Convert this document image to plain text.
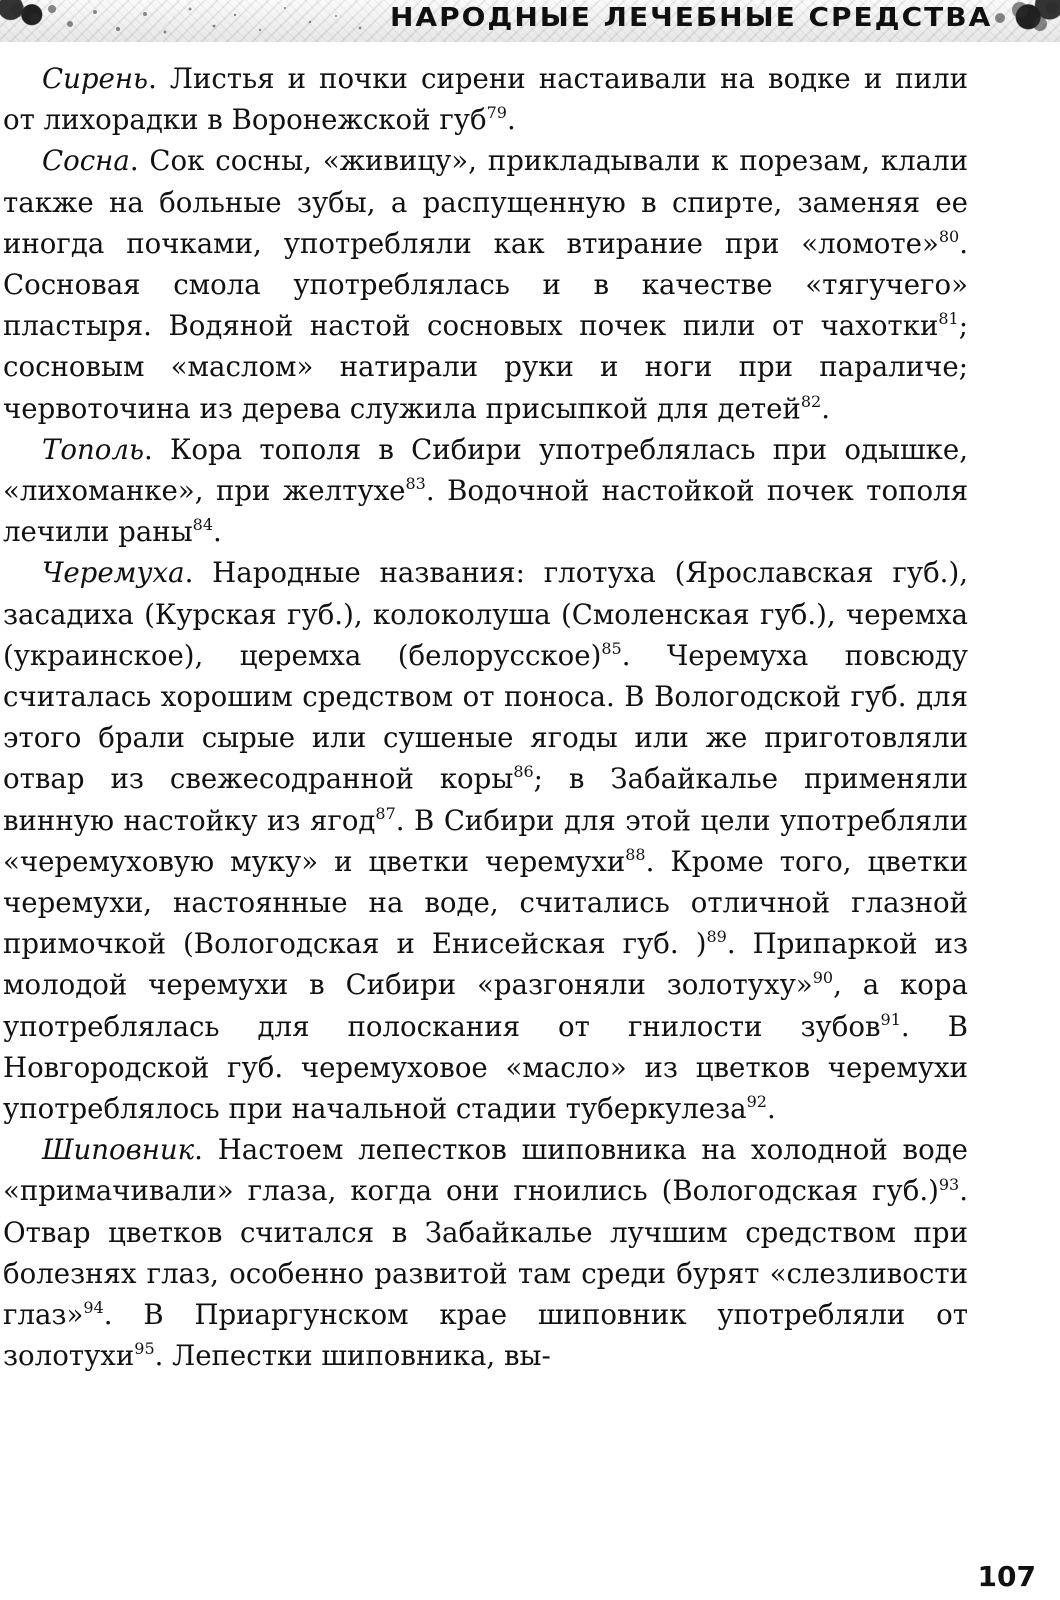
НАРОДНЫЕ ЛЕЧЕБНЫЕ СРЕДСТВА

Сирень. Листья и почки сирени настаивали на водке и пили от лихорадки в Воронежской губ$^{79}$.

Сосна. Сок сосны, «живицу», прикладывали к порезам, клали также на больные зубы, а распущенную в спирте, заменяя ее иногда почками, употребляли как втирание при «ломоте»$^{80}$. Сосновая смола употреблялась и в качестве «тягучего» пластыря. Водяной настой сосновых почек пили от чахотки$^{81}$; сосновым «маслом» натирали руки и ноги при параличе; червоточина из дерева служила присыпкой для детей$^{82}$.

Тополь. Кора тополя в Сибири употреблялась при одышке, «лихоманке», при желтухе$^{83}$. Водочной настойкой почек тополя лечили раны$^{84}$.

Черемуха. Народные названия: глотуха (Ярославская губ.), засадиха (Курская губ.), колоколуша (Смоленская губ.), черемха (украинское), церемха (белорусское)$^{85}$. Черемуха повсюду считалась хорошим средством от поноса. В Вологодской губ. для этого брали сырые или сушеные ягоды или же приготовляли отвар из свежесодранной коры$^{86}$; в Забайкалье применяли винную настойку из ягод$^{87}$. В Сибири для этой цели употребляли «черемуховую муку» и цветки черемухи$^{88}$. Кроме того, цветки черемухи, настоянные на воде, считались отличной глазной примочкой (Вологодская и Енисейская губ. )$^{89}$. Припаркой из молодой черемухи в Сибири «разгоняли золотуху»$^{90}$, а кора употреблялась для полоскания от гнилости зубов$^{91}$. В Новгородской губ. черемуховое «масло» из цветков черемухи употреблялось при начальной стадии туберкулеза$^{92}$.

Шиповник. Настоем лепестков шиповника на холодной воде «примачивали» глаза, когда они гноились (Вологодская губ.)$^{93}$. Отвар цветков считался в Забайкалье лучшим средством при болезнях глаз, особенно развитой там среди бурят «слезливости глаз»$^{94}$. В Приаргунском крае шиповник употребляли от золотухи$^{95}$. Лепестки шиповника, вы-

107
